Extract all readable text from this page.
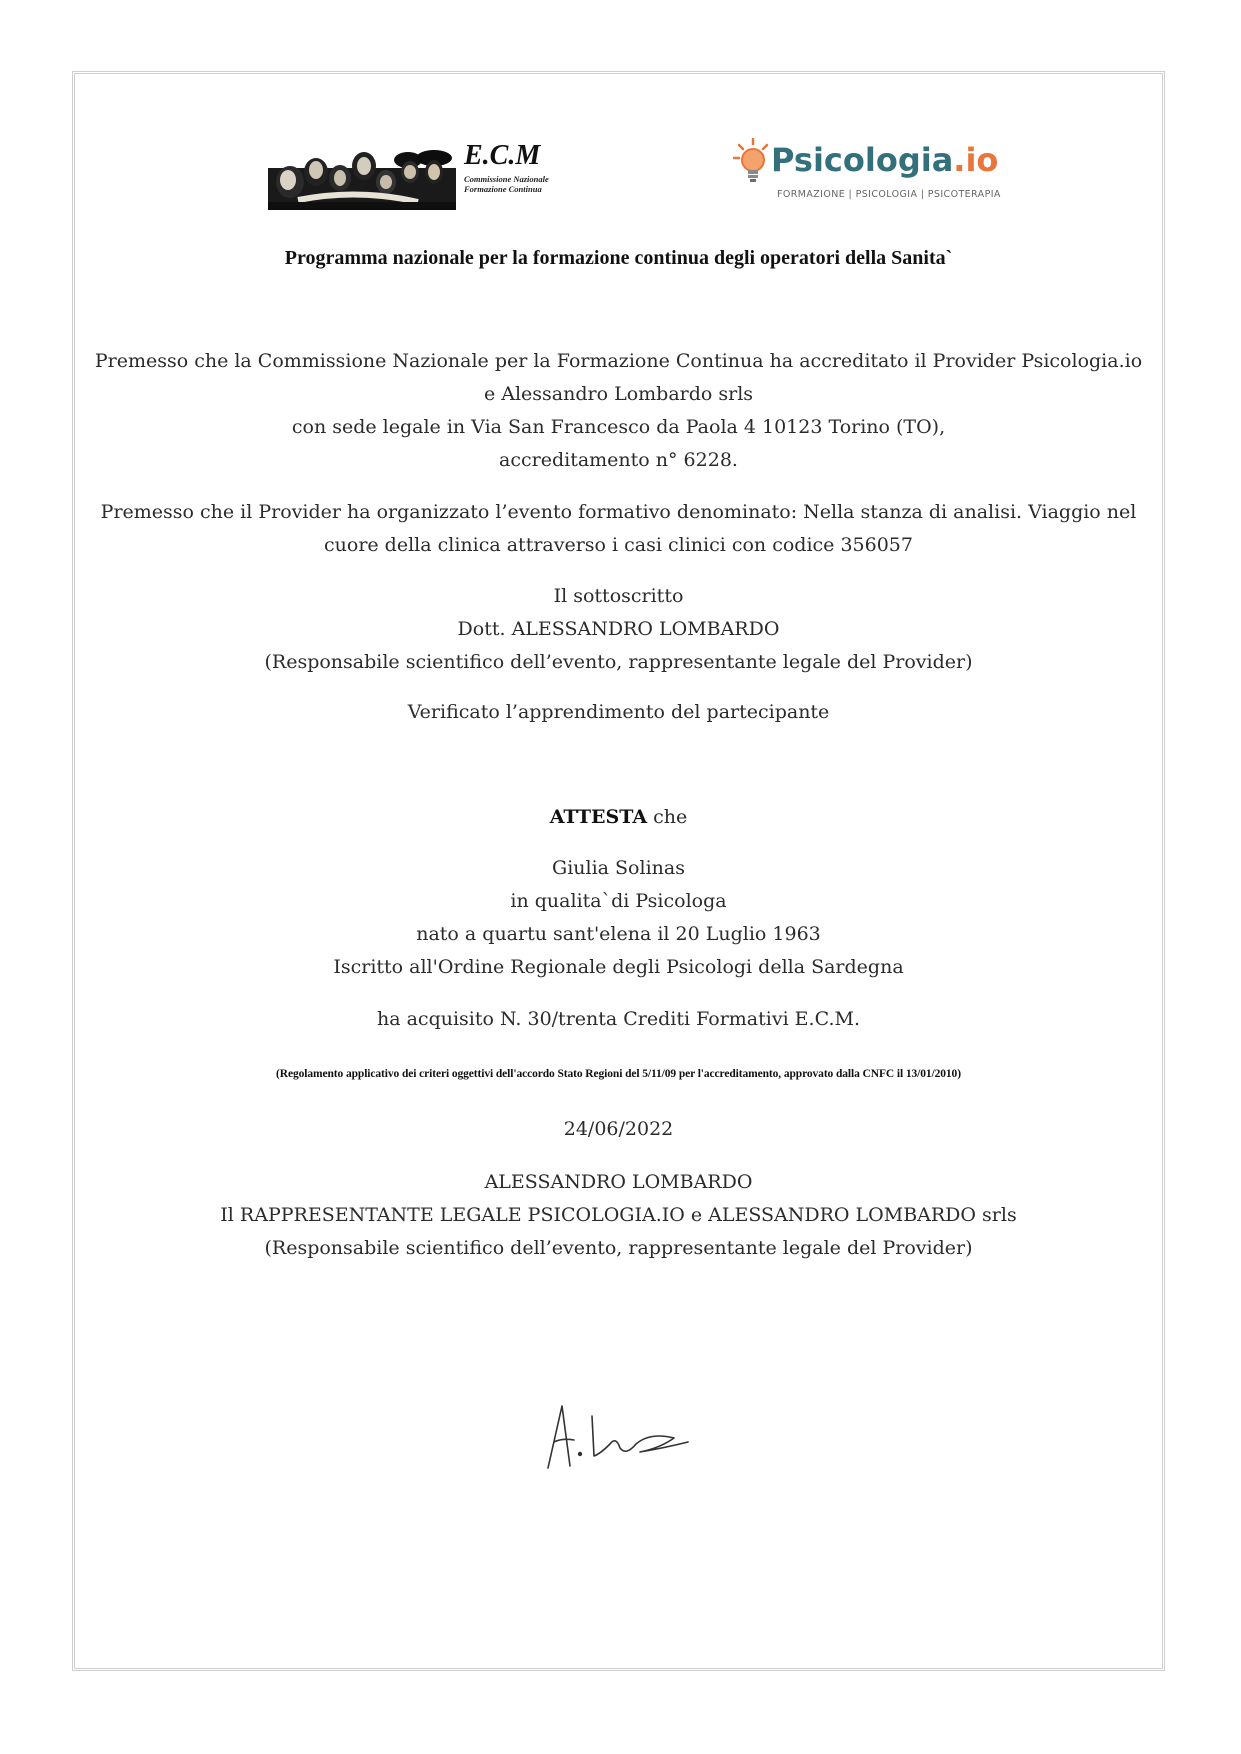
E.C.M
Commissione Nazionale
Formazione Continua
Psicologia.io
FORMAZIONE | PSICOLOGIA | PSICOTERAPIA
Programma nazionale per la formazione continua degli operatori della Sanita`
Premesso che la Commissione Nazionale per la Formazione Continua ha accreditato il Provider Psicologia.io
e Alessandro Lombardo srls
con sede legale in Via San Francesco da Paola 4 10123 Torino (TO),
accreditamento n° 6228.
Premesso che il Provider ha organizzato l’evento formativo denominato: Nella stanza di analisi. Viaggio nel
cuore della clinica attraverso i casi clinici con codice 356057
Il sottoscritto
Dott. ALESSANDRO LOMBARDO
(Responsabile scientifico dell’evento, rappresentante legale del Provider)
Verificato l’apprendimento del partecipante
ATTESTA che
Giulia Solinas
in qualita`di Psicologa
nato a quartu sant'elena il 20 Luglio 1963
Iscritto all'Ordine Regionale degli Psicologi della Sardegna
ha acquisito N. 30/trenta Crediti Formativi E.C.M.
(Regolamento applicativo dei criteri oggettivi dell'accordo Stato Regioni del 5/11/09 per l'accreditamento, approvato dalla CNFC il 13/01/2010)
24/06/2022
ALESSANDRO LOMBARDO
Il RAPPRESENTANTE LEGALE PSICOLOGIA.IO e ALESSANDRO LOMBARDO srls
(Responsabile scientifico dell’evento, rappresentante legale del Provider)
